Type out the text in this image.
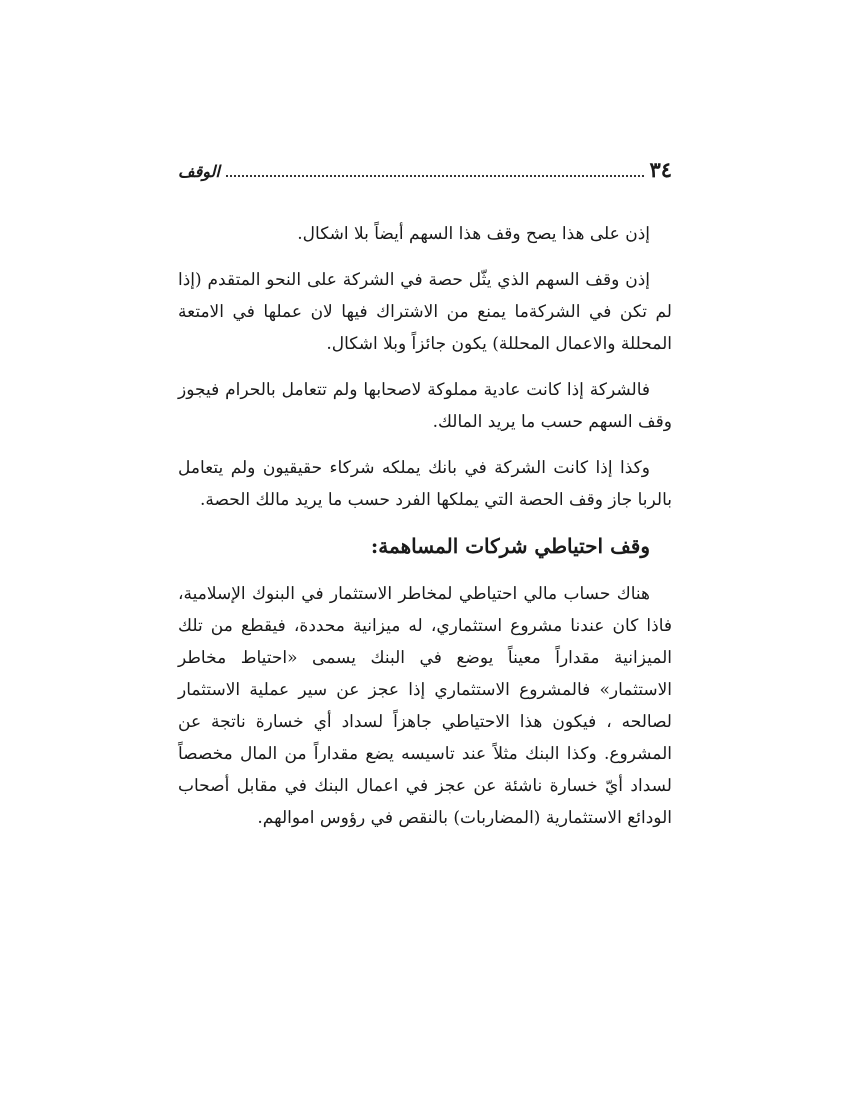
٣٤
الوقف

إذن على هذا يصح وقف هذا السهم أيضاً بلا اشكال.

إذن وقف السهم الذي يثّل حصة في الشركة على النحو المتقدم (إذا لم تكن في الشركةما يمنع من الاشتراك فيها لان عملها في الامتعة المحللة والاعمال المحللة) يكون جائزاً وبلا اشكال.

فالشركة إذا كانت عادية مملوكة لاصحابها ولم تتعامل بالحرام فيجوز وقف السهم حسب ما يريد المالك.

وكذا إذا كانت الشركة في بانك يملكه شركاء حقيقيون ولم يتعامل بالربا جاز وقف الحصة التي يملكها الفرد حسب ما يريد مالك الحصة.

وقف احتياطي شركات المساهمة:

هناك حساب مالي احتياطي لمخاطر الاستثمار في البنوك الإسلامية، فاذا كان عندنا مشروع استثماري، له ميزانية محددة، فيقطع من تلك الميزانية مقداراً معيناً يوضع في البنك يسمى «احتياط مخاطر الاستثمار» فالمشروع الاستثماري إذا عجز عن سير عملية الاستثمار لصالحه ، فيكون هذا الاحتياطي جاهزاً لسداد أي خسارة ناتجة عن المشروع. وكذا البنك مثلاً عند تاسيسه يضع مقداراً من المال مخصصاً لسداد أيّ خسارة ناشئة عن عجز في اعمال البنك في مقابل أصحاب الودائع الاستثمارية (المضاربات) بالنقص في رؤوس اموالهم.
